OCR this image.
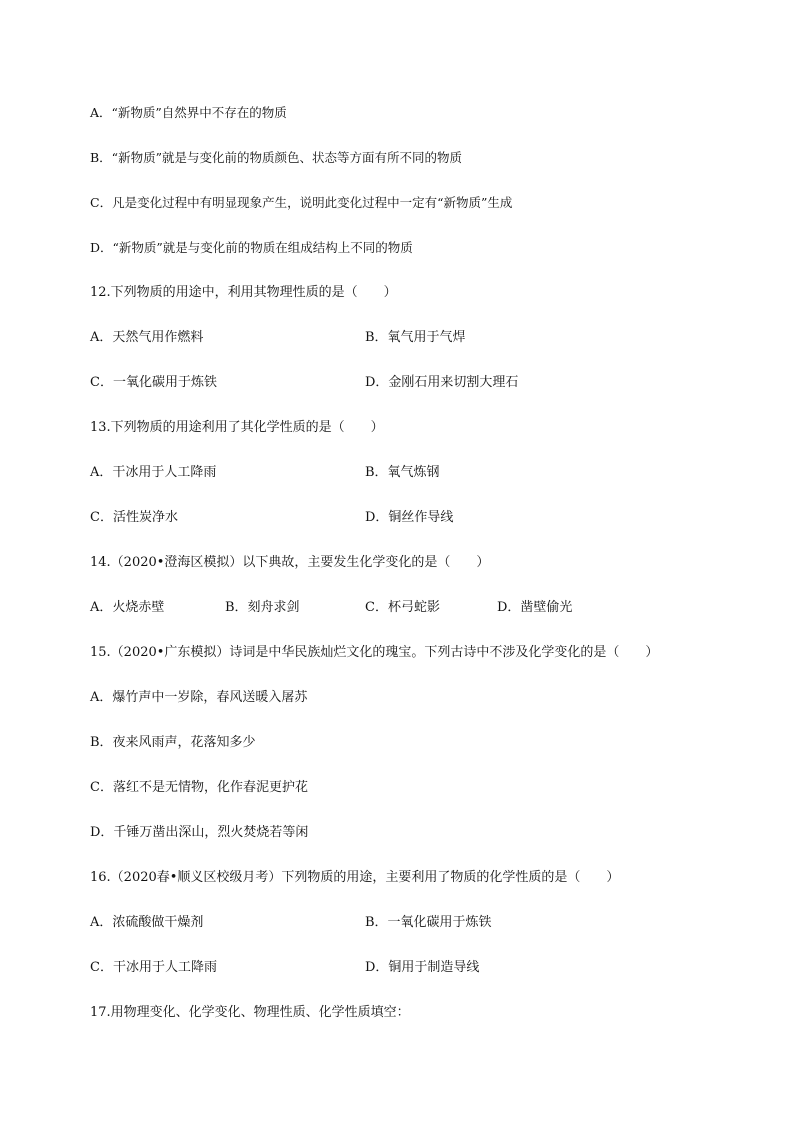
A．“新物质”自然界中不存在的物质
B．“新物质”就是与变化前的物质颜色、状态等方面有所不同的物质
C．凡是变化过程中有明显现象产生，说明此变化过程中一定有“新物质”生成
D．“新物质”就是与变化前的物质在组成结构上不同的物质
12.下列物质的用途中，利用其物理性质的是（　　）
A．天然气用作燃料	B．氧气用于气焊
C．一氧化碳用于炼铁	D．金刚石用来切割大理石
13.下列物质的用途利用了其化学性质的是（　　）
A．干冰用于人工降雨	B．氧气炼钢
C．活性炭净水	D．铜丝作导线
14.（2020•澄海区模拟）以下典故，主要发生化学变化的是（　　）
A．火烧赤壁	B．刻舟求剑	C．杯弓蛇影	D．凿壁偷光
15.（2020•广东模拟）诗词是中华民族灿烂文化的瑰宝。下列古诗中不涉及化学变化的是（　　）
A．爆竹声中一岁除，春风送暖入屠苏
B．夜来风雨声，花落知多少
C．落红不是无情物，化作春泥更护花
D．千锤万凿出深山，烈火焚烧若等闲
16.（2020春•顺义区校级月考）下列物质的用途，主要利用了物质的化学性质的是（　　）
A．浓硫酸做干燥剂	B．一氧化碳用于炼铁
C．干冰用于人工降雨	D．铜用于制造导线
17.用物理变化、化学变化、物理性质、化学性质填空：
